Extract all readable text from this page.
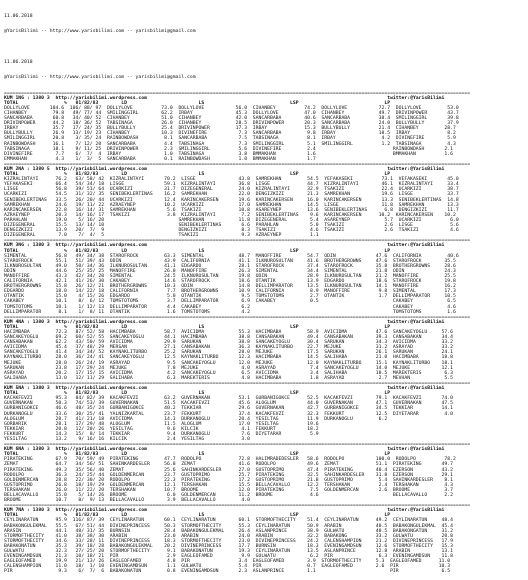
11.06.2018

@YarisBilimi -- http://www.yarisbilimi.com -- yarisbilimi@gmail.com

11.06.2018

@YarisBilimi -- http://www.yarisbilimi.com -- yarisbilimi@gmail.com

===================================================================================================================================================================
KUM 1NG : 1380 3  http://yarisbilimi.wordpress.com                                                                                    twitter:@YarisBilimi
TOTAL                %   81/82/83        LD                         LS                              LSP                              LP
DOLLYLOVE       104.6  106/ 88/ 97  DOLLYLOVE          73.0  DOLLYLOVE           56.0  CIHANBEY          74.2  DOLLYLOVE           72.7  DOLLYLOVE         53.0
CIHANBEY         79.8   49/ 77/ 44  SMILINGGIRL        62.2  IRBAY               45.3  DOLLYLOVE         47.0  CIHANBEY            49.7  DRIVINPOWER       43.7
SANCARBABA       60.8   34/ 40/ 52  CIHANBEY           51.0  CIHANBEY            42.0  SANCARBABA        40.6  SANCARBABA          38.4  SMILINGGIRL       39.8
DRIVINPOWER      44.2   18/ 36/ 52  TABSINAGA          26.0  CIHANBEY            28.5  DRIVINPOWER       20.3  SANCARBABA          24.0  BULLYBULLY        37.9
IRBAY            35.7   17/ 24/ 35  BULLYBULLY         25.4  DRIVINPOWER         17.3  IRBAY             15.3  BULLYBULLY          21.4  CIHANBEY         28.7
BULLYBULLY       26.9   13/ 19/ 23  CIHANBEY           10.3  DIVINEFIRE           7.3  SANCARBABA         9.8  IRBAY               10.5  IRBAY             8.2
SMILINGGIRL      20.8    3/ 35/ 24  RAINBOWDASH         8.1  SANCARBABA           7.5  TABSINAGA          8.1  IRBAY                4.2  DIVINEFIRE        5.9
RAINBOWDASH      16.1    7/ 12/ 20  SANCARBABA          4.4  TABSINAGA            7.3  SMILINGGIRL        5.1  SMILINGGIRL          1.2  TABSINAGA         4.3
TABSINAGA        18.1    9/ 11/ 25  DRIVINPOWER         2.3  SMILINGGIRL          5.6  DIVINEFIRE         2.4                           RAINBOWDASH       2.1
DIVINEFIRE        7.7    6/  7/  4  IRBAY               1.0  TABSINAGA            3.8  BMMAKHAN           1.6                           BMMAKHAN          1.6
EMMAKHAN          4.3    1/  3/  5  SANCARBABA          0.1  RAINBOWDASH          1.0  BMMAKHAN           1.7
===================================================================================================================================================================
KUM 2NA : 1380 5  http://yarisbilimi.wordpress.com                                                                                    twitter:@YarisBilimi
TOTAL                %   81/82/83        LD                         LS                              LSP                              LP
KIZRALINTAYI      76.2   63/ 58/ 42  KIZRALINTAYI       70.2  LISGE               43.8  SAMREKHAN         54.5  YEFAKASEKI          73.1  VEFAKASEKI       45.0
YEFAKASEKI        66.4   54/ 34/ 18  LISGE              59.1  KIZRALINTAYI        36.8  LISGE             44.7  KIZRALINTAYI        46.1  KIZRALINTAYI     33.4
LISGE             56.8   39/ 51/ 64  UCARKIZI           31.7  DIZEGENERAL         24.0  KIZRALINTAYI      32.9  TSAKIZI             22.4  UCARKIZI         38.7
UCARKIZI          54.5   31/ 32/ 35  SENIBEKLERTINAS    16.2  SAMREKHAN           22.0  DENGIZKIZI        21.3  SAMREKHAN           19.6  LISGE            33.7
SENIBEKLERTINAS   33.5   26/ 20/ 44  UCARKIZI           12.4  KARINCAKERSEN       19.6  KARINCAKERSEN     16.0  KARINCAKERSEN       13.3  SENIBEKLERTINAS  14.8
SAMREKHAN         24.6   19/ 11/ 22  AZRAEYNEP          10.2  UCARKIZI            17.0  SAMREKHAN         14.5  LISGE               11.8  SAMREKHAN        13.3
KARINCAKERSEN     22.8   16/ 14/ 31  SAMREKHAN           5.6  TSAKIZI             10.8  ASAREYNEP         13.6  SENIBEKLERTINAS      6.8  DENGIZKIZI       11.7
AZRAEYNEP         20.3   14/ 16/ 17  TSAKIZI             3.8  KIZRALINTAYI         7.2  SENIBEKLERTINAS    9.6  KARINCAKERSEN      10.2  KARINCAKERSEN    10.2
PARAHLAN          19.0    5/ 16/ 20                          SAMREKHAN            11.8  DIZEGENERAL        5.4  ASAREYNEP            5.7  UCARKIZI          6.0
DIZEGENERAL       15.5   13/ 14/ 10                          SENIBEKLERTINAS       6.6  PARAHLAN           5.0  TSAKIZI              2.6  LISGE             5.6
DENGIZKIZI        13.9   20/  7/  9                          DENGIZKIZI            8.3  TSAKIZI            4.6  TSAKIZI              2.6  TSAKIZI           4.6
DIZEGENERAL        7.0    7/  4/  5                          TSAKIZI               9.3  AZRAEYNEP          1.1
===================================================================================================================================================================
KUM 3NG : 1380 3  http://yarisbilimi.wordpress.com                                                                                    twitter:@YarisBilimi
TOTAL                %   81/82/83        LD                         LS                              LSP                              LP
SIMENTAL          56.8   49/ 34/ 38  STAROFROCK         63.3  SIMENTAL            48.7  MANOFFIRE         54.7  ODIN              47.6  CALIFORNIA         40.6
STAROFROCK        55.1   51/ 39/ 43  ODIN               43.9  CALIFORNIA          41.1  ILKNUROSULTAN     41.6  BROTHERGROWNS     47.6  STAROFROCK        35.5
ILKNUROSULTAN     49.0   50/ 34/ 36  ILKNUROSULTAN      41.1  EDGARDO             28.1  STAROFROCK        37.4  STAROFROCK        35.8  BROTHERGROWNS     28.6
ODIN              44.6   25/ 35/ 25  MANOFFIRE          26.0  MANOFFIRE           26.3  SIMENTAL          34.4  SIMENTAL          21.8  ODIN              24.3
MANOFFIRE         43.3   42/ 34/ 20  SIMENTAL           24.5  ILKNUROSULTAN       19.8  ODIN              28.9  ILKNUROSULTAN     21.2  MANOFFIRE         25.5
CALIFORNIA        42.1   41/ 26/ 30  CAKABEY            14.6  STAROFROCK          18.6  OTANTIK           13.9  EDGARDO           18.6  STAROFROCK        19.8
BROTHERGROWNS     15.8   26/ 12/ 21  BROTHERGROWNS      10.3  ODIN                14.8  DELLIMPARATOR     13.5  ILKNUROSULTAN     14.1  MANOFFIRE         16.2
EDGARDO           18.0   14/ 22/ 18  CALIFORNIA          7.7  BROTHERGROWNS       10.9  CALIFORNIA         8.9  MANOFFIRE          9.8  SIMENTAL          17.3
OTANTIK           15.0    4/ 15/ 26  EDGARDO             5.0  OTANTIK              9.5  TOMSTOTOMS         2.7  OTANTIK            1.7  DELLIMPARATOR     10.5
CAKABEY           10.1    8/  6/ 12  TOMSTOTOMS          3.7  DELLIMPARATOR        6.9  CAKABEY            0.5                          CAKABEY            6.5
TOMSTOTOMS        10.1    1/ 12/ 13  DELLIMPARATOR       4.4  CAKABEY              6.2                                                  CAKABEY            4.6
DELLIMPARATOR      8.1    1/  8/ 11  OTANTIK             1.6  TOMSTOTOMS           4.2                                                  TOMSTOTOMS         1.6
===================================================================================================================================================================
KUM 4NA : 1380 3  http://yarisbilimi.wordpress.com                                                                                    twitter:@YarisBilimi
TOTAL                %   81/82/83        LD                         LS                              LSP                              LP
HACIMBABA         72.3   87/ 52/ 58  HACIMBABA          58.7  AVICIDMA            55.3  HACIMBABA         58.9  AVICIDMA          47.6  SANCAKEYOGLU     57.6
SANCAKEYOGLU      69.2   60/ 52/ 55  SANCAKEYOGLU       44.1  HACIMBABA           38.8  CANSABAKAN        49.4  CANSABAKAN        39.3  CANSABAKAN       34.4
CANSABAKAN        62.2   43/ 50/ 59  AVICIDMA           29.9  SARUKAN             38.8  SANCAKEYOGLU      30.4  SARUKAN           34.3  AVICIDMA         33.2
AVICIDMA          45.4   37/ 48/ 29  MERSAN             27.1  CANSABAKAN          36.3  KAYNAKLITURBO     22.7  MEJUKE            31.2  ASRAYAD          33.2
SANCAKEYOGLU      41.4   34/ 34/ 52  KAYNAKLITURBO      25.2  SARUKAN             28.0  MEJUKE            17.5  SARUKAN           26.1  SARUKAN          24.1
KAYNAKLITURBO     28.0   36/ 24/ 41  SANCAKEYOGLU       12.5  KAYNAKLITURBO       12.3  HACIMBABA         14.5  SALIHABA          21.0  HACIMBABA        18.8
MEJUKE            28.0   26/ 24/ 19  ASRAYAD             9.5  SANCAKEYOGLU        12.0  MEJUKE            12.0  KAYNAKLITURBO     15.1  KAYNAKLITURBO    18.1
SARUKAN           23.8   17/ 29/ 24  MEJUKE              7.8  MEJUKE               4.0  ASRAYAD            7.4  SANCAKEYOGLU      14.0  MEJUKE           12.1
ASRAYAD           20.2   17/ 15/ 15  AVICIDMA            4.2  SANCAKEYOGLU         6.5  AVICIDMA           3.4  SALIHABA          10.5  MAREKTERIS        6.3
SALIHABA          13.0   12/ 11/ 29  SALIHABA            6.3  MAREKTERIS           4.8  HACIMBABA          1.8  ASRAYAD            2.7  MEVHAN            5.5
===================================================================================================================================================================
KUM 5NA : 1380 3  http://yarisbilimi.wordpress.com                                                                                    twitter:@YarisBilimi
TOTAL                %   81/82/83        LD                         LS                              LSP                              LP
KACAKFEVZI        95.3   84/ 82/ 39  KACAKFEVZI         63.2  GUVERNAKAN          53.1  GURBANIGOKCE      52.5  KACAKFEVZI        79.1  KACAKFEVZI       74.0
GUVERNAKAN        50.3   74/ 53/ 39  GUVERNAKAN         51.5  KACAKFEVZI          45.6  ALOGLUM           44.0  GUVERNAKAN        47.1  GUVERNAKAN       47.5
GURBANIGOKCE      46.6   48/ 35/ 24  GURBANIGOKCE       40.2  TEKKIAR             29.6  GUVERNAKAN        42.7  GURBANIGOKCE      34.5  TEKKIAR          14.1
DURKANOGLU        33.6   30/ 25/ 41  YALNIZKARTAL       23.7  FEKKURT             37.4  KACAKFEVZI        32.3  FEKKURT           12.5  DIYETARAR         4.0
ALOGLUM           28.7   41/ 21/ 18  AVICIDMA           14.3  DURKANOGLU          20.4  YESILTAG          11.9  DURKANOGLU         6.2
GORBARIK          28.1   17/ 29/ 48  ALOGLUM            11.5  ALOGLUM             17.0  YESILTAG          19.6
TEKKIAR           20.8   12/ 20/ 26  YESILTAG            9.6  KILCIK               4.1  FEKKURT           18.2
FEKKURT           14.3   15/  8/ 14  TEKKIAR             9.4  DURKANOGLU           7.6  DIYETARAR          5.9
YESILTAG          13.2    9/ 16/ 16  KILCIK              2.4  YESILTAG             3.0
===================================================================================================================================================================
KUM 6NA : 1380 3  http://yarisbilimi.wordpress.com                                                                                    twitter:@YarisBilimi
TOTAL                %   81/82/83        LD                         LS                              LSP                              LP
PIRATEKING        67.9   70/ 59/ 49  PIRATEKING         47.7  RODOLPO             72.8  HALIMRADEDESLER   58.6  RODOLPO           100.0  RODOLPO          78.2
ZEMAT             64.7   34/ 56/ 51  SAHINKARDESLER     56.8  ZEMAT               41.6  RODOLPO           49.6  ZEMAT             51.1  PIRATEKING       49.7
PIRATEKING        49.3   35/ 56/ 40  ZEMAT              25.6  SAHINKARDESLER      27.0  GUSTOPRIMO        47.4  PIRATEKING        40.4  EZERSON          43.2
RODOLPO           36.3   24/ 25/ 44  GOLDENMERCAN       23.7  GUSTOPRIMO          25.7  PIRATEKING        32.5  SAHINKARDESLER    31.8  EZERSON          29.1
GOLDENMERCAN      28.8   22/ 30/ 20  RODOLPO            22.3  PIRATEKING          17.2  GUSTOPRIMO        21.8  GUSTOPRIMO         5.4  SAHINKARDESLER    8.1
GUSTOPRIMO        26.8   18/ 19/ 29  GOLDENMERCAN       12.1  TERSHAKAN           15.5  BELLACAVALLO      12.2  TERSHAKAN          2.4  TERSHAKAN         4.3
TERSHAKAN         26.0   11/ 22/ 20  TERSHAKAN          10.7  BROOME              12.0  PIRATEKING         7.5  GOLDENMERCAN       2.6  BROOME            3.7
BELLACAVALLO      15.0    5/ 14/ 26  BROOME              6.0  GOLDENMERCAN        11.2  BROOME             4.6                          BELLACAVALLO      2.2
BROOME            10.7    8/  9/ 13  BELLACAVALLO        3.9  BELLACAVALLO         4.0
===================================================================================================================================================================
KUM 7NA : 1380 3  http://yarisbilimi.wordpress.com                                                                                    twitter:@YarisBilimi
TOTAL                %   81/82/83        LD                         LS                              LSP                              LP
CEYLINARATUN      95.9  116/ 87/ 39  CEYLINARATUN       60.1  CEYLINARATUN        60.1  STORMOFTHECITY    51.4  CEYLINARATUN      49.2  CEYLINARATUN     48.4
BABAKONGULEKMAL   55.5   67/ 51/ 44  DIVINEPRINCESS     50.3  STORMOFTHECITY      55.3  CEYLINARATUN      50.9  ARABIN            40.5  BABAKONGULEKMAL  45.4
ARASIN            44.1   48/ 31/ 35  BURNSIN            28.4  BABAKONGULEKMAL     26.4  ASLANPRINCE       38.9  GULWATU           40.5  BABAKONGATUN     31.2
STORMOFTHECITY    41.0   38/ 38/ 30  ARABIN             23.0  ARABIN              24.0  ARABIN            32.2  BABAKONG          33.2  GULWATU          20.8
STORMOFTHECITY    34.6   33/ 28/ 11  DIVINEPRINCESS     18.3  STORMOFTHECITY      23.0  DIVINEPRINCESS    24.2  CALENSHAMPION     21.2  DIVINEPRINCESS   17.9
BABAKONATUN       35.3   39/ 18/ 28  BABAKONGULEKMAL    20.2  DIVINEPRINCESS      17.7  BURNSIN           18.3  EVENINGAMDSUN     12.6  STORMOFTHECITY   15.3
GULWATU           32.3   27/ 25/ 20  STORMOFTHECITY      9.1  BABAKONATUN         19.3  CEYLINARATUN      13.5  ASLANPRINCE       12.8  ARABIN           13.1
EVENINGAMDSUN     21.3   10/ 18/ 21  PIR                 2.9  EAGLEOFAMED          9.9  GULWATU            6.2  PIR                6.3  EVENINGAMDSUN    11.8
EAGLEOFAMED       19.9   21/ 13/ 26  EAGLEOFAMED         4.8  PIR                 3.4  EAGLEOFAMED        3.9  STORMOFTHECITY     5.3  EAGLEOFAMED      11.0
CALENSHAMPION     11.0   18/  1/ 10  EVENINGAMDSUN       1.1  GULWATU             5.4  PIR                0.7  EAGLEOFAMED        2.6  PIR              10.3
PIR                9.3    6/  7/  6  BABAKONATUN         0.8  EVENINGAMDSUN       2.3  ASLANPRINCE        1.1                          PIR               6.5
